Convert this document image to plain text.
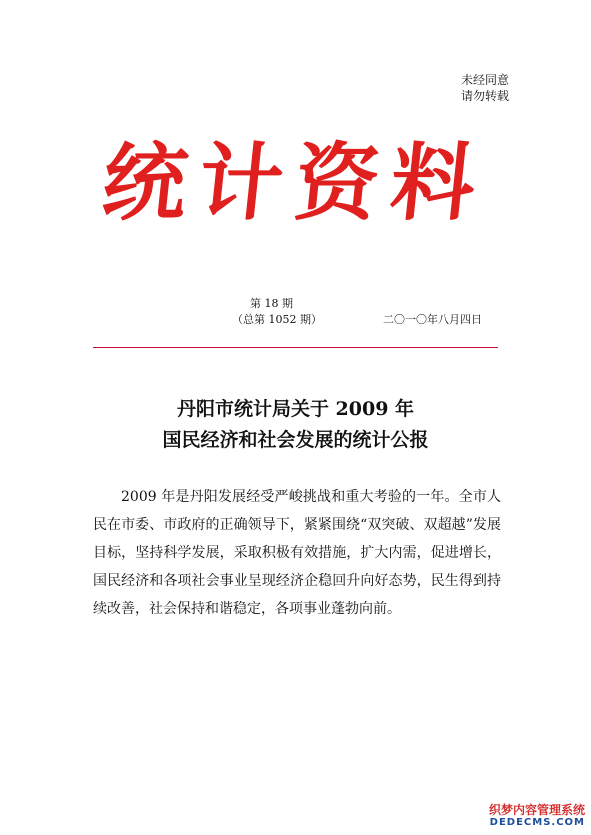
未经同意
请勿转载
统计资料
第 18 期
（总第 1052 期）	二〇一〇年八月四日
丹阳市统计局关于 2009 年
国民经济和社会发展的统计公报

2009 年是丹阳发展经受严峻挑战和重大考验的一年。全市人民在市委、市政府的正确领导下，紧紧围绕“双突破、双超越”发展目标，坚持科学发展，采取积极有效措施，扩大内需，促进增长，国民经济和各项社会事业呈现经济企稳回升向好态势，民生得到持续改善，社会保持和谐稳定，各项事业蓬勃向前。

织梦内容管理系统
DEDECMS.COM
